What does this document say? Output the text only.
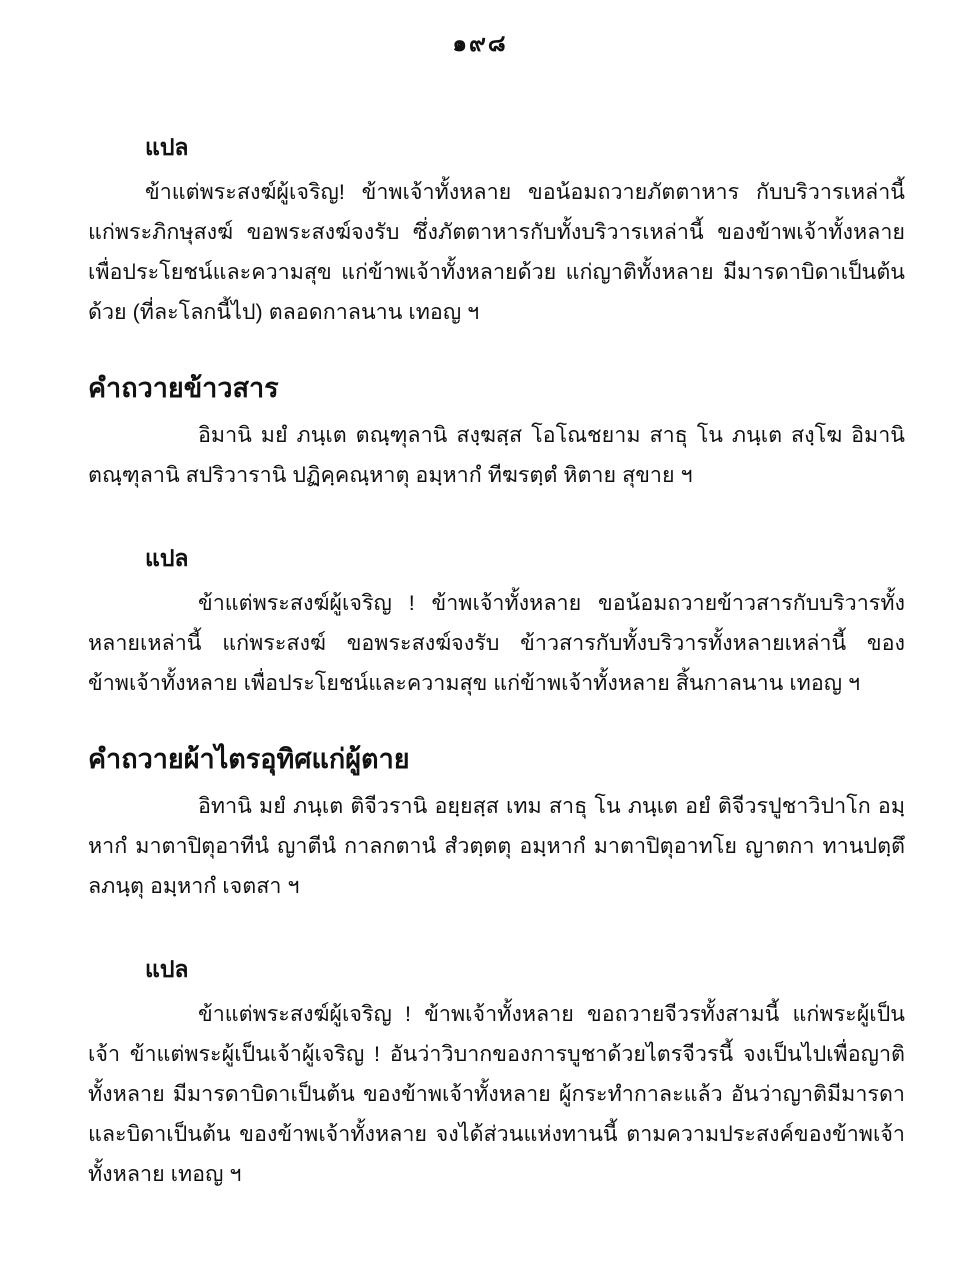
๑๙๘
แปล

ข้าแต่พระสงฆ์ผู้เจริญ! ข้าพเจ้าทั้งหลาย ขอน้อมถวายภัตตาหาร กับบริวารเหล่านี้ แก่พระภิกษุสงฆ์ ขอพระสงฆ์จงรับ ซึ่งภัตตาหารกับทั้งบริวารเหล่านี้ ของข้าพเจ้าทั้งหลาย เพื่อประโยชน์และความสุข แก่ข้าพเจ้าทั้งหลายด้วย แก่ญาติทั้งหลาย มีมารดาบิดาเป็นต้นด้วย (ที่ละโลกนี้ไป) ตลอดกาลนาน เทอญ ฯ

คำถวายข้าวสาร

อิมานิ มยํ ภนฺเต ตณฺฑุลานิ สงฺฆสฺส โอโณชยาม สาธุ โน ภนฺเต สงฺโฆ อิมานิ ตณฺฑุลานิ สปริวารานิ ปฏิคฺคณฺหาตุ อมฺหากํ ทีฆรตฺตํ หิตาย สุขาย ฯ

แปล

ข้าแต่พระสงฆ์ผู้เจริญ ! ข้าพเจ้าทั้งหลาย ขอน้อมถวายข้าวสารกับบริวารทั้งหลายเหล่านี้ แก่พระสงฆ์ ขอพระสงฆ์จงรับ ข้าวสารกับทั้งบริวารทั้งหลายเหล่านี้ ของข้าพเจ้าทั้งหลาย เพื่อประโยชน์และความสุข แก่ข้าพเจ้าทั้งหลาย สิ้นกาลนาน เทอญ ฯ

คำถวายผ้าไตรอุทิศแก่ผู้ตาย

อิทานิ มยํ ภนฺเต ติจีวรานิ อยฺยสฺส เทม สาธุ โน ภนฺเต อยํ ติจีวรปูชาวิปาโก อมฺหากํ มาตาปิตุอาทีนํ ญาตีนํ กาลกตานํ สํวตฺตตุ อมฺหากํ มาตาปิตุอาทโย ญาตกา ทานปตฺตึ ลภนฺตุ อมฺหากํ เจตสา ฯ

แปล

ข้าแต่พระสงฆ์ผู้เจริญ ! ข้าพเจ้าทั้งหลาย ขอถวายจีวรทั้งสามนี้ แก่พระผู้เป็นเจ้า ข้าแต่พระผู้เป็นเจ้าผู้เจริญ ! อันว่าวิบากของการบูชาด้วยไตรจีวรนี้ จงเป็นไปเพื่อญาติทั้งหลาย มีมารดาบิดาเป็นต้น ของข้าพเจ้าทั้งหลาย ผู้กระทำกาละแล้ว อันว่าญาติมีมารดาและบิดาเป็นต้น ของข้าพเจ้าทั้งหลาย จงได้ส่วนแห่งทานนี้ ตามความประสงค์ของข้าพเจ้าทั้งหลาย เทอญ ฯ
